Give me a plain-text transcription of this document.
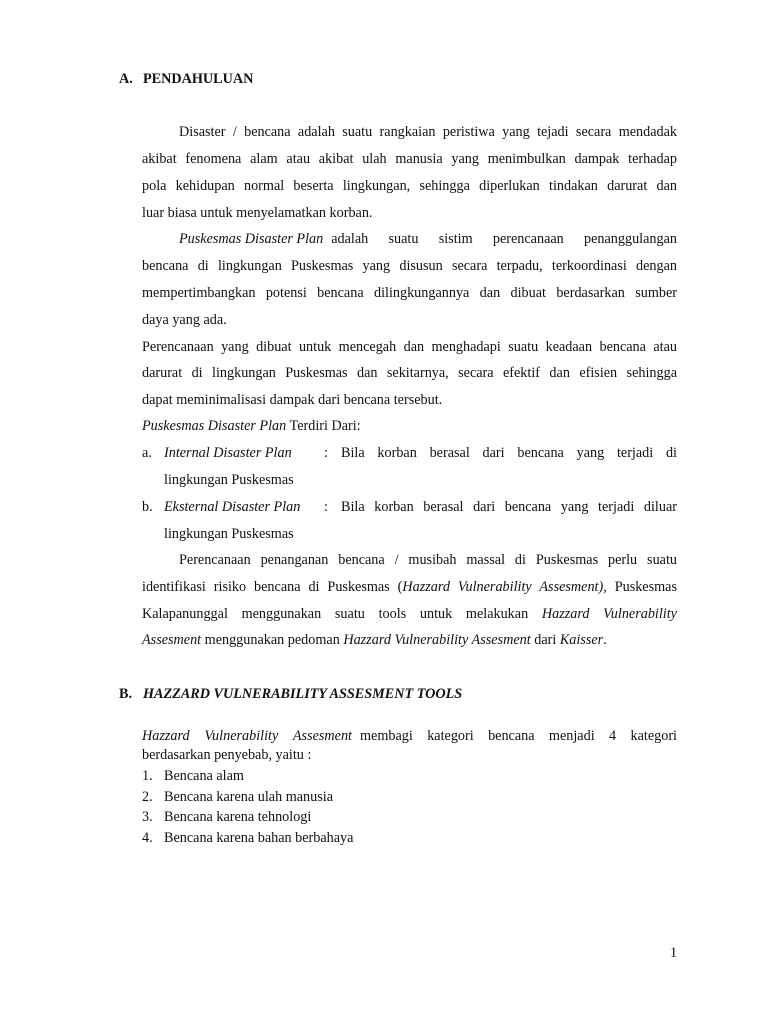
A. PENDAHULUAN
Disaster / bencana adalah suatu rangkaian peristiwa yang tejadi secara mendadak
akibat fenomena alam atau akibat ulah manusia yang menimbulkan dampak terhadap
pola kehidupan normal beserta lingkungan, sehingga diperlukan tindakan darurat dan
luar biasa untuk menyelamatkan korban.
Puskesmas Disaster Plan adalah suatu sistim perencanaan penanggulangan
bencana di lingkungan Puskesmas yang disusun secara terpadu, terkoordinasi dengan
mempertimbangkan potensi bencana dilingkungannya dan dibuat berdasarkan sumber
daya yang ada.
Perencanaan yang dibuat untuk mencegah dan menghadapi suatu keadaan bencana atau
darurat di lingkungan Puskesmas dan sekitarnya, secara efektif dan efisien sehingga
dapat meminimalisasi dampak dari bencana tersebut.
Puskesmas Disaster Plan Terdiri Dari:
a. Internal Disaster Plan : Bila korban berasal dari bencana yang terjadi di
lingkungan Puskesmas
b. Eksternal Disaster Plan : Bila korban berasal dari bencana yang terjadi diluar
lingkungan Puskesmas
Perencanaan penanganan bencana / musibah massal di Puskesmas perlu suatu
identifikasi risiko bencana di Puskesmas (Hazzard Vulnerability Assesment), Puskesmas
Kalapanunggal menggunakan suatu tools untuk melakukan Hazzard Vulnerability
Assesment menggunakan pedoman Hazzard Vulnerability Assesment dari Kaisser.
B. HAZZARD VULNERABILITY ASSESMENT TOOLS
Hazzard Vulnerability Assesment membagi kategori bencana menjadi 4 kategori
berdasarkan penyebab, yaitu :
1. Bencana alam
2. Bencana karena ulah manusia
3. Bencana karena tehnologi
4. Bencana karena bahan berbahaya
1
